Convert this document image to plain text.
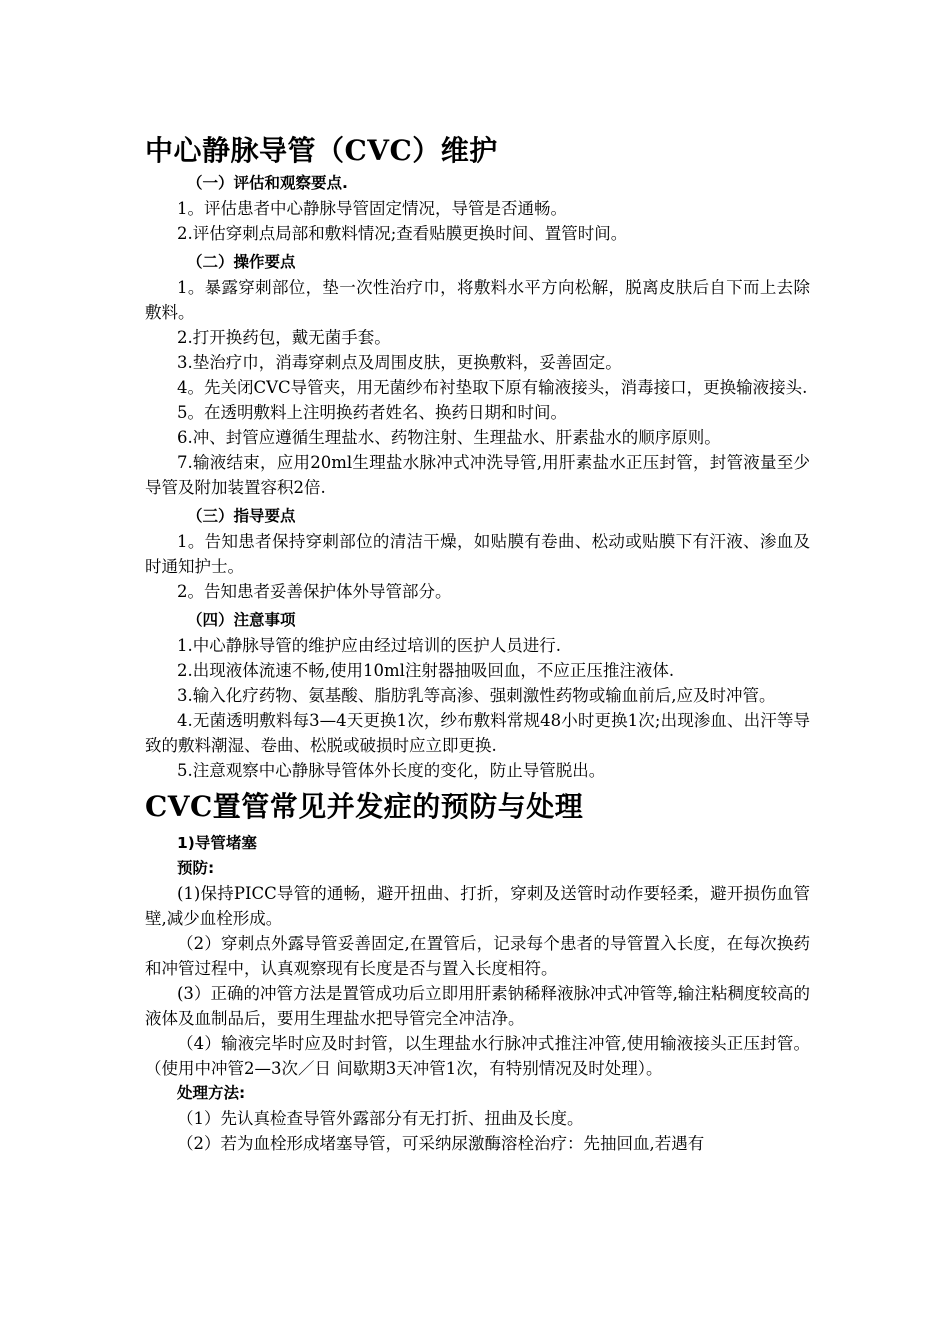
中心静脉导管（CVC）维护

（一）评估和观察要点.

1。评估患者中心静脉导管固定情况，导管是否通畅。

2.评估穿刺点局部和敷料情况;查看贴膜更换时间、置管时间。

（二）操作要点

1。暴露穿刺部位，垫一次性治疗巾，将敷料水平方向松解，脱离皮肤后自下而上去除敷料。

2.打开换药包，戴无菌手套。

3.垫治疗巾，消毒穿刺点及周围皮肤，更换敷料，妥善固定。

4。先关闭CVC导管夹，用无菌纱布衬垫取下原有输液接头，消毒接口，更换输液接头.

5。在透明敷料上注明换药者姓名、换药日期和时间。

6.冲、封管应遵循生理盐水、药物注射、生理盐水、肝素盐水的顺序原则。

7.输液结束，应用20ml生理盐水脉冲式冲洗导管,用肝素盐水正压封管，封管液量至少导管及附加装置容积2倍.

（三）指导要点

1。告知患者保持穿刺部位的清洁干燥，如贴膜有卷曲、松动或贴膜下有汗液、渗血及时通知护士。

2。告知患者妥善保护体外导管部分。

（四）注意事项

1.中心静脉导管的维护应由经过培训的医护人员进行.

2.出现液体流速不畅,使用10ml注射器抽吸回血，不应正压推注液体.

3.输入化疗药物、氨基酸、脂肪乳等高渗、强刺激性药物或输血前后,应及时冲管。

4.无菌透明敷料每3—4天更换1次，纱布敷料常规48小时更换1次;出现渗血、出汗等导致的敷料潮湿、卷曲、松脱或破损时应立即更换.

5.注意观察中心静脉导管体外长度的变化，防止导管脱出。

CVC置管常见并发症的预防与处理

1)导管堵塞

预防:

(1)保持PICC导管的通畅，避开扭曲、打折，穿刺及送管时动作要轻柔，避开损伤血管壁,减少血栓形成。

（2）穿刺点外露导管妥善固定,在置管后，记录每个患者的导管置入长度，在每次换药和冲管过程中，认真观察现有长度是否与置入长度相符。

(3）正确的冲管方法是置管成功后立即用肝素钠稀释液脉冲式冲管等,输注粘稠度较高的液体及血制品后，要用生理盐水把导管完全冲洁净。

（4）输液完毕时应及时封管，以生理盐水行脉冲式推注冲管,使用输液接头正压封管。（使用中冲管2—3次／日 间歇期3天冲管1次，有特别情况及时处理）。

处理方法:

（1）先认真检查导管外露部分有无打折、扭曲及长度。

（2）若为血栓形成堵塞导管，可采纳尿激酶溶栓治疗：先抽回血,若遇有
